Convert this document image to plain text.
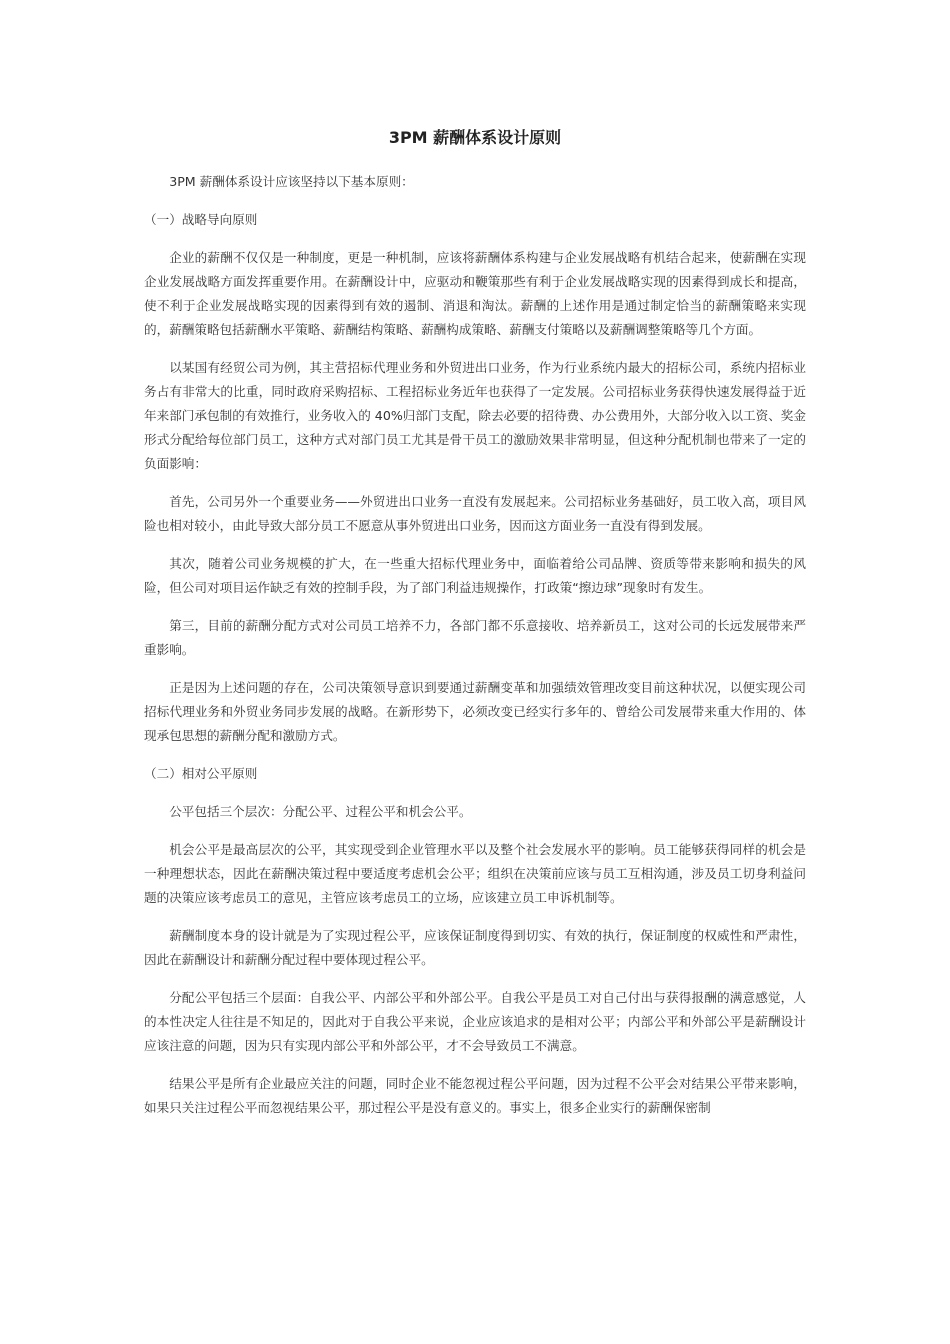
3PM 薪酬体系设计原则

3PM 薪酬体系设计应该坚持以下基本原则：

（一）战略导向原则

企业的薪酬不仅仅是一种制度，更是一种机制，应该将薪酬体系构建与企业发展战略有机结合起来，使薪酬在实现企业发展战略方面发挥重要作用。在薪酬设计中，应驱动和鞭策那些有利于企业发展战略实现的因素得到成长和提高，使不利于企业发展战略实现的因素得到有效的遏制、消退和淘汰。薪酬的上述作用是通过制定恰当的薪酬策略来实现的，薪酬策略包括薪酬水平策略、薪酬结构策略、薪酬构成策略、薪酬支付策略以及薪酬调整策略等几个方面。

以某国有经贸公司为例，其主营招标代理业务和外贸进出口业务，作为行业系统内最大的招标公司，系统内招标业务占有非常大的比重，同时政府采购招标、工程招标业务近年也获得了一定发展。公司招标业务获得快速发展得益于近年来部门承包制的有效推行，业务收入的 40%归部门支配，除去必要的招待费、办公费用外，大部分收入以工资、奖金形式分配给每位部门员工，这种方式对部门员工尤其是骨干员工的激励效果非常明显，但这种分配机制也带来了一定的负面影响：

首先，公司另外一个重要业务——外贸进出口业务一直没有发展起来。公司招标业务基础好，员工收入高，项目风险也相对较小，由此导致大部分员工不愿意从事外贸进出口业务，因而这方面业务一直没有得到发展。

其次，随着公司业务规模的扩大，在一些重大招标代理业务中，面临着给公司品牌、资质等带来影响和损失的风险，但公司对项目运作缺乏有效的控制手段，为了部门利益违规操作，打政策“擦边球”现象时有发生。

第三，目前的薪酬分配方式对公司员工培养不力，各部门都不乐意接收、培养新员工，这对公司的长远发展带来严重影响。

正是因为上述问题的存在，公司决策领导意识到要通过薪酬变革和加强绩效管理改变目前这种状况，以便实现公司招标代理业务和外贸业务同步发展的战略。在新形势下，必须改变已经实行多年的、曾给公司发展带来重大作用的、体现承包思想的薪酬分配和激励方式。

（二）相对公平原则

公平包括三个层次：分配公平、过程公平和机会公平。

机会公平是最高层次的公平，其实现受到企业管理水平以及整个社会发展水平的影响。员工能够获得同样的机会是一种理想状态，因此在薪酬决策过程中要适度考虑机会公平；组织在决策前应该与员工互相沟通，涉及员工切身利益问题的决策应该考虑员工的意见，主管应该考虑员工的立场，应该建立员工申诉机制等。

薪酬制度本身的设计就是为了实现过程公平，应该保证制度得到切实、有效的执行，保证制度的权威性和严肃性，因此在薪酬设计和薪酬分配过程中要体现过程公平。

分配公平包括三个层面：自我公平、内部公平和外部公平。自我公平是员工对自己付出与获得报酬的满意感觉，人的本性决定人往往是不知足的，因此对于自我公平来说，企业应该追求的是相对公平；内部公平和外部公平是薪酬设计应该注意的问题，因为只有实现内部公平和外部公平，才不会导致员工不满意。

结果公平是所有企业最应关注的问题，同时企业不能忽视过程公平问题，因为过程不公平会对结果公平带来影响，如果只关注过程公平而忽视结果公平，那过程公平是没有意义的。事实上，很多企业实行的薪酬保密制
